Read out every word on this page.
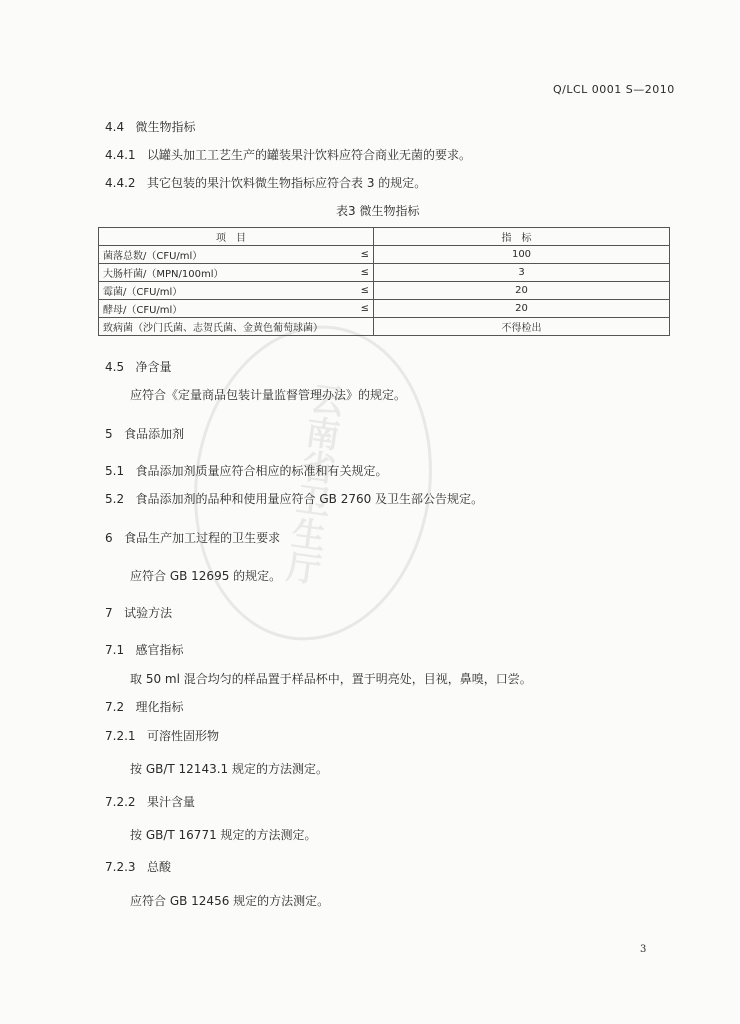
云南省卫生厅
Q/LCL 0001 S—2010
4.4 微生物指标
4.4.1 以罐头加工工艺生产的罐装果汁饮料应符合商业无菌的要求。
4.4.2 其它包装的果汁饮料微生物指标应符合表 3 的规定。
表3 微生物指标
项目		指标
菌落总数/（CFU/ml）	≤	100
大肠杆菌/（MPN/100ml）	≤	3
霉菌/（CFU/ml）	≤	20
酵母/（CFU/ml）	≤	20
致病菌（沙门氏菌、志贺氏菌、金黄色葡萄球菌）		不得检出
4.5 净含量
应符合《定量商品包装计量监督管理办法》的规定。
5 食品添加剂
5.1 食品添加剂质量应符合相应的标准和有关规定。
5.2 食品添加剂的品种和使用量应符合 GB 2760 及卫生部公告规定。
6 食品生产加工过程的卫生要求
应符合 GB 12695 的规定。
7 试验方法
7.1 感官指标
取 50 ml 混合均匀的样品置于样品杯中，置于明亮处，目视，鼻嗅，口尝。
7.2 理化指标
7.2.1 可溶性固形物
按 GB/T 12143.1 规定的方法测定。
7.2.2 果汁含量
按 GB/T 16771 规定的方法测定。
7.2.3 总酸
应符合 GB 12456 规定的方法测定。
3
